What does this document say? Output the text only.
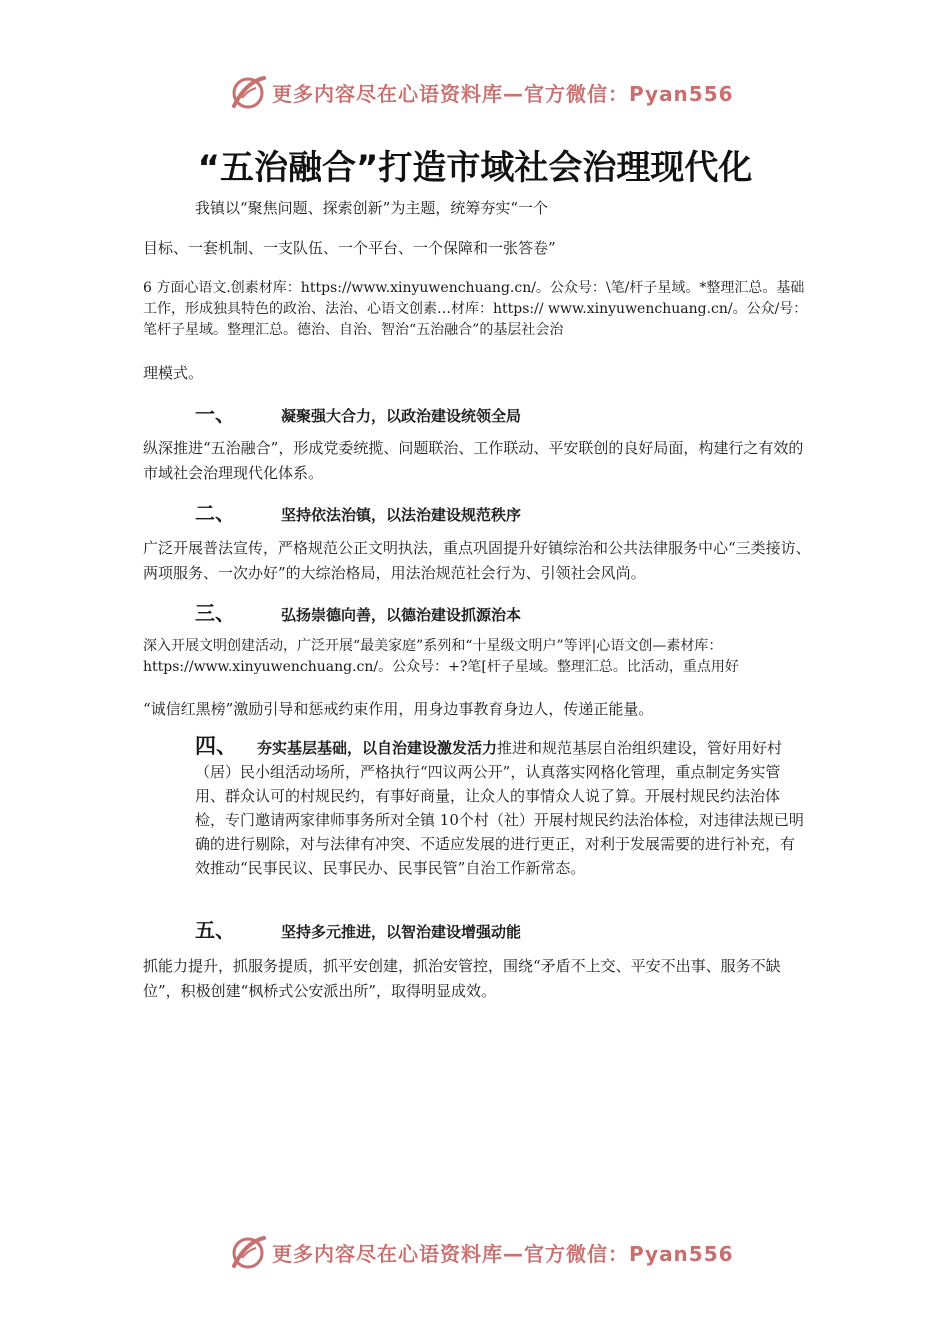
更多内容尽在心语资料库—官方微信：Pyan556
“五治融合”打造市域社会治理现代化

我镇以“聚焦问题、探索创新”为主题，统筹夯实“一个

目标、一套机制、一支队伍、一个平台、一个保障和一张答卷”

6 方面心语文.创素材库：https://www.xinyuwenchuang.cn/。公众号：\笔/杆子星域。*整理汇总。基础工作，形成独具特色的政治、法治、心语文创素…材库：https:// www.xinyuwenchuang.cn/。公众/号：笔杆子星域。整理汇总。德治、自治、智治“五治融合”的基层社会治

理模式。

一、	凝聚强大合力，以政治建设统领全局

纵深推进“五治融合”，形成党委统揽、问题联治、工作联动、平安联创的良好局面，构建行之有效的市域社会治理现代化体系。

二、	坚持依法治镇，以法治建设规范秩序

广泛开展普法宣传，严格规范公正文明执法，重点巩固提升好镇综治和公共法律服务中心“三类接访、两项服务、一次办好”的大综治格局，用法治规范社会行为、引领社会风尚。

三、	弘扬崇德向善，以德治建设抓源治本

深入开展文明创建活动，广泛开展“最美家庭”系列和“十星级文明户”等评|心语文创—素材库：https://www.xinyuwenchuang.cn/。公众号：+?笔[杆子星域。整理汇总。比活动，重点用好

“诚信红黑榜”激励引导和惩戒约束作用，用身边事教育身边人，传递正能量。

四、 夯实基层基础，以自治建设激发活力推进和规范基层自治组织建设，管好用好村（居）民小组活动场所，严格执行“四议两公开”，认真落实网格化管理，重点制定务实管用、群众认可的村规民约，有事好商量，让众人的事情众人说了算。开展村规民约法治体检，专门邀请两家律师事务所对全镇 10个村（社）开展村规民约法治体检，对违律法规已明确的进行剔除，对与法律有冲突、不适应发展的进行更正，对利于发展需要的进行补充，有效推动“民事民议、民事民办、民事民管”自治工作新常态。

五、	坚持多元推进，以智治建设增强动能

抓能力提升，抓服务提质，抓平安创建，抓治安管控，围绕“矛盾不上交、平安不出事、服务不缺位”，积极创建“枫桥式公安派出所”，取得明显成效。

更多内容尽在心语资料库—官方微信：Pyan556
